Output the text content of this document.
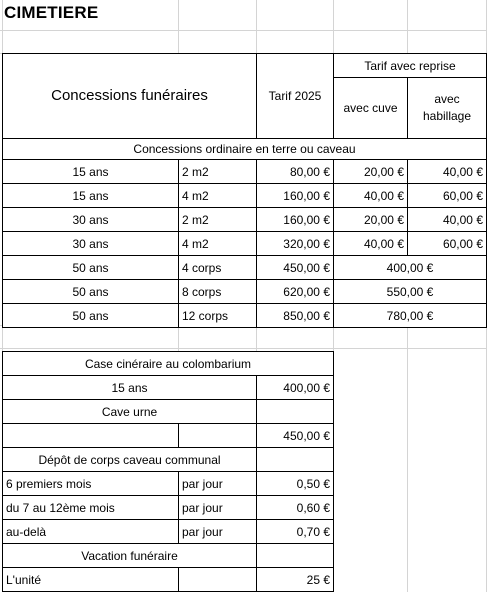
CIMETIERE
Concessions funéraires		Tarif 2025	Tarif avec reprise	
			avec cuve	avec habillage

Concessions ordinaire en terre ou caveau				
15 ans	2 m2	80,00 €	20,00 €	40,00 €
15 ans	4 m2	160,00 €	40,00 €	60,00 €
30 ans	2 m2	160,00 €	20,00 €	40,00 €
30 ans	4 m2	320,00 €	40,00 €	60,00 €
50 ans	4 corps	450,00 €	400,00 €	
50 ans	8 corps	620,00 €	550,00 €	
50 ans	12 corps	850,00 €	780,00 €	
Case cinéraire au colombarium		
15 ans		400,00 €
Cave urne		
		450,00 €
Dépôt de corps caveau communal		
6 premiers mois	par jour	0,50 €
du 7 au 12ème mois	par jour	0,60 €
au-delà	par jour	0,70 €
Vacation funéraire		
L'unité		25 €
